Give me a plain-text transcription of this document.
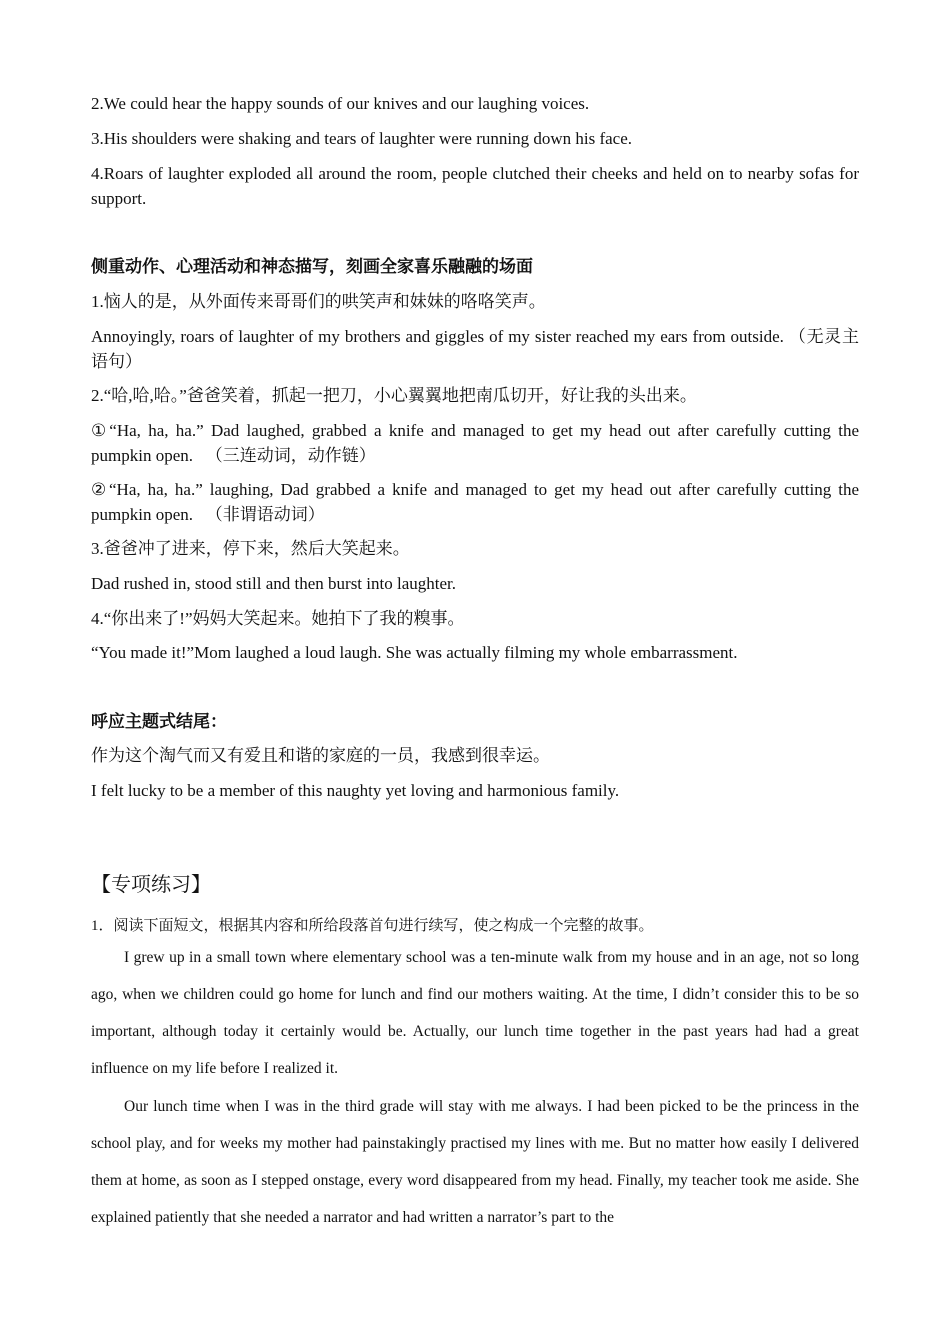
2.We could hear the happy sounds of our knives and our laughing voices.

3.His shoulders were shaking and tears of laughter were running down his face.

4.Roars of laughter exploded all around the room, people clutched their cheeks and held on to nearby sofas for support.

侧重动作、心理活动和神态描写，刻画全家喜乐融融的场面

1.恼人的是，从外面传来哥哥们的哄笑声和妹妹的咯咯笑声。

Annoyingly, roars of laughter of my brothers and giggles of my sister reached my ears from outside. （无灵主语句）

2.“哈,哈,哈。”爸爸笑着，抓起一把刀，小心翼翼地把南瓜切开，好让我的头出来。

①“Ha, ha, ha.” Dad laughed, grabbed a knife and managed to get my head out after carefully cutting the pumpkin open. 　（三连动词，动作链）

②“Ha, ha, ha.” laughing, Dad grabbed a knife and managed to get my head out after carefully cutting the pumpkin open. 　（非谓语动词）

3.爸爸冲了进来，停下来，然后大笑起来。

Dad rushed in, stood still and then burst into laughter.

4.“你出来了!”妈妈大笑起来。她拍下了我的糗事。

“You made it!”Mom laughed a loud laugh. She was actually filming my whole embarrassment.

呼应主题式结尾：

作为这个淘气而又有爱且和谐的家庭的一员，我感到很幸运。

I felt lucky to be a member of this naughty yet loving and harmonious family.

【专项练习】

1．阅读下面短文，根据其内容和所给段落首句进行续写，使之构成一个完整的故事。

I grew up in a small town where elementary school was a ten-minute walk from my house and in an age, not so long ago, when we children could go home for lunch and find our mothers waiting. At the time, I didn’t consider this to be so important, although today it certainly would be. Actually, our lunch time together in the past years had had a great influence on my life before I realized it.

Our lunch time when I was in the third grade will stay with me always. I had been picked to be the princess in the school play, and for weeks my mother had painstakingly practised my lines with me. But no matter how easily I delivered them at home, as soon as I stepped onstage, every word disappeared from my head. Finally, my teacher took me aside. She explained patiently that she needed a narrator and had written a narrator’s part to the
